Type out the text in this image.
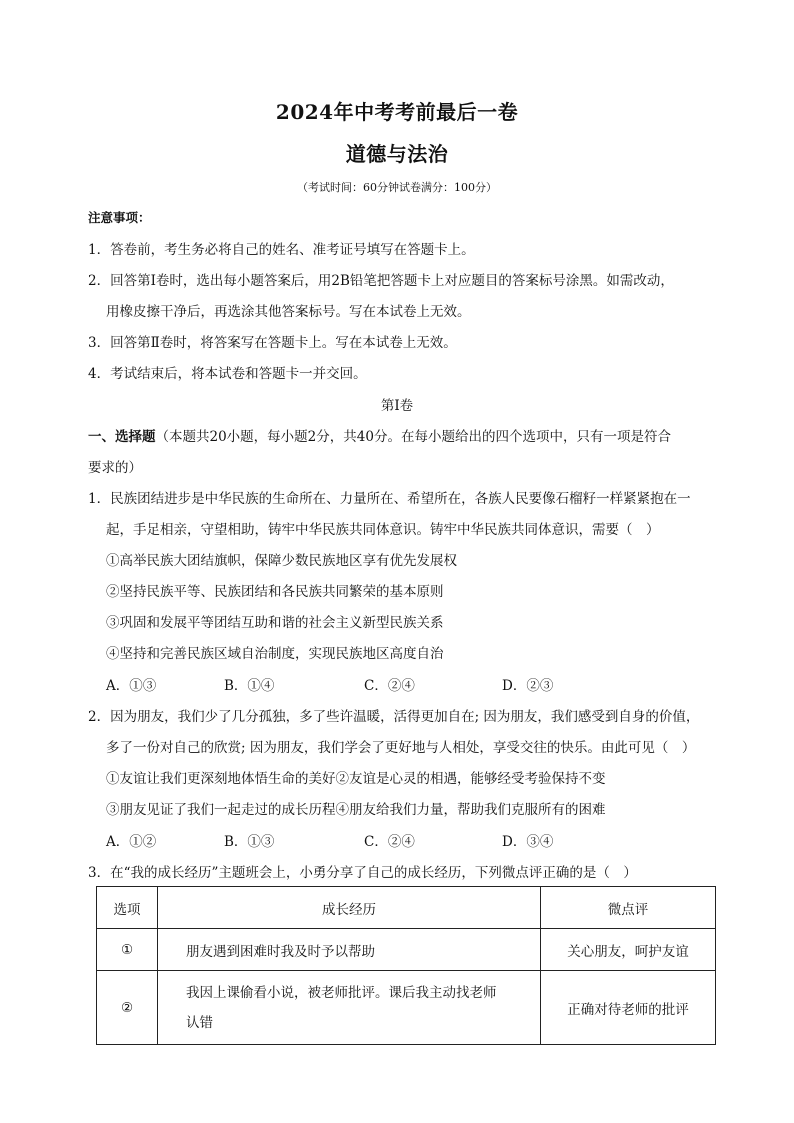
2024年中考考前最后一卷
道德与法治
（考试时间：60分钟试卷满分：100分）
注意事项：
1．答卷前，考生务必将自己的姓名、准考证号填写在答题卡上。
2．回答第Ⅰ卷时，选出每小题答案后，用2B铅笔把答题卡上对应题目的答案标号涂黑。如需改动，
用橡皮擦干净后，再选涂其他答案标号。写在本试卷上无效。
3．回答第Ⅱ卷时，将答案写在答题卡上。写在本试卷上无效。
4．考试结束后，将本试卷和答题卡一并交回。
第Ⅰ卷
一、选择题（本题共20小题，每小题2分，共40分。在每小题给出的四个选项中，只有一项是符合
要求的）
1．民族团结进步是中华民族的生命所在、力量所在、希望所在，各族人民要像石榴籽一样紧紧抱在一
起，手足相亲，守望相助，铸牢中华民族共同体意识。铸牢中华民族共同体意识，需要（　）
①高举民族大团结旗帜，保障少数民族地区享有优先发展权
②坚持民族平等、民族团结和各民族共同繁荣的基本原则
③巩固和发展平等团结互助和谐的社会主义新型民族关系
④坚持和完善民族区域自治制度，实现民族地区高度自治
A．①③	B．①④	C．②④	D．②③
2．因为朋友，我们少了几分孤独，多了些许温暖，活得更加自在; 因为朋友，我们感受到自身的价值，
多了一份对自己的欣赏; 因为朋友，我们学会了更好地与人相处，享受交往的快乐。由此可见（　）
①友谊让我们更深刻地体悟生命的美好②友谊是心灵的相遇，能够经受考验保持不变
③朋友见证了我们一起走过的成长历程④朋友给我们力量，帮助我们克服所有的困难
A．①②	B．①③	C．②④	D．③④
3．在“我的成长经历”主题班会上，小勇分享了自己的成长经历，下列微点评正确的是（　）
选项	成长经历	微点评
①	朋友遇到困难时我及时予以帮助	关心朋友，呵护友谊
②	我因上课偷看小说，被老师批评。课后我主动找老师
认错	正确对待老师的批评
